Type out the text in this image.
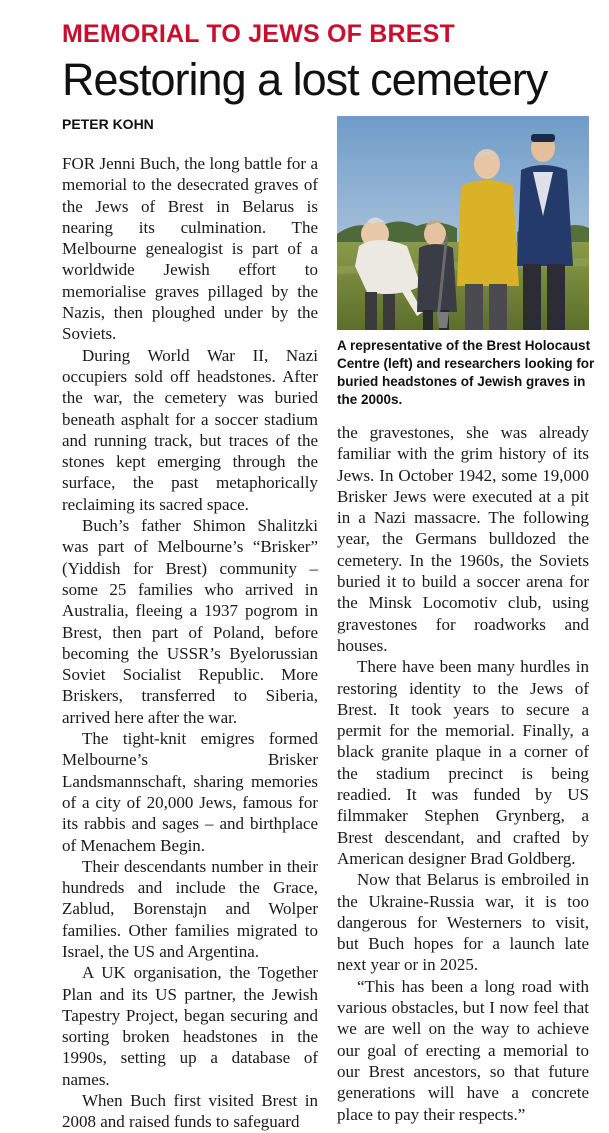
MEMORIAL TO JEWS OF BREST
Restoring a lost cemetery
PETER KOHN

FOR Jenni Buch, the long battle for a memorial to the desecrated graves of the Jews of Brest in Belarus is nearing its culmination. The Melbourne genealogist is part of a worldwide Jewish effort to memorialise graves pillaged by the Nazis, then ploughed under by the Soviets.

During World War II, Nazi occupiers sold off headstones. After the war, the cemetery was buried beneath asphalt for a soccer stadium and running track, but traces of the stones kept emerging through the surface, the past metaphorically reclaiming its sacred space.

Buch’s father Shimon Shalitzki was part of Melbourne’s “Brisker” (Yiddish for Brest) community – some 25 families who arrived in Australia, fleeing a 1937 pogrom in Brest, then part of Poland, before becoming the USSR’s Byelorussian Soviet Socialist Republic. More Briskers, transferred to Siberia, arrived here after the war.

The tight-knit emigres formed Melbourne’s Brisker Landsmannschaft, sharing memories of a city of 20,000 Jews, famous for its rabbis and sages – and birthplace of Menachem Begin.

Their descendants number in their hundreds and include the Grace, Zablud, Borenstajn and Wolper families. Other families migrated to Israel, the US and Argentina.

A UK organisation, the Together Plan and its US partner, the Jewish Tapestry Project, began securing and sorting broken headstones in the 1990s, setting up a database of names.

When Buch first visited Brest in 2008 and raised funds to safeguard

A representative of the Brest Holocaust Centre (left) and researchers looking for buried headstones of Jewish graves in the 2000s.

the gravestones, she was already familiar with the grim history of its Jews. In October 1942, some 19,000 Brisker Jews were executed at a pit in a Nazi massacre. The following year, the Germans bulldozed the cemetery. In the 1960s, the Soviets buried it to build a soccer arena for the Minsk Locomotiv club, using gravestones for roadworks and houses.

There have been many hurdles in restoring identity to the Jews of Brest. It took years to secure a permit for the memorial. Finally, a black granite plaque in a corner of the stadium precinct is being readied. It was funded by US filmmaker Stephen Grynberg, a Brest descendant, and crafted by American designer Brad Goldberg.

Now that Belarus is embroiled in the Ukraine-Russia war, it is too dangerous for Westerners to visit, but Buch hopes for a launch late next year or in 2025.

“This has been a long road with various obstacles, but I now feel that we are well on the way to achieve our goal of erecting a memorial to our Brest ancestors, so that future generations will have a concrete place to pay their respects.”
